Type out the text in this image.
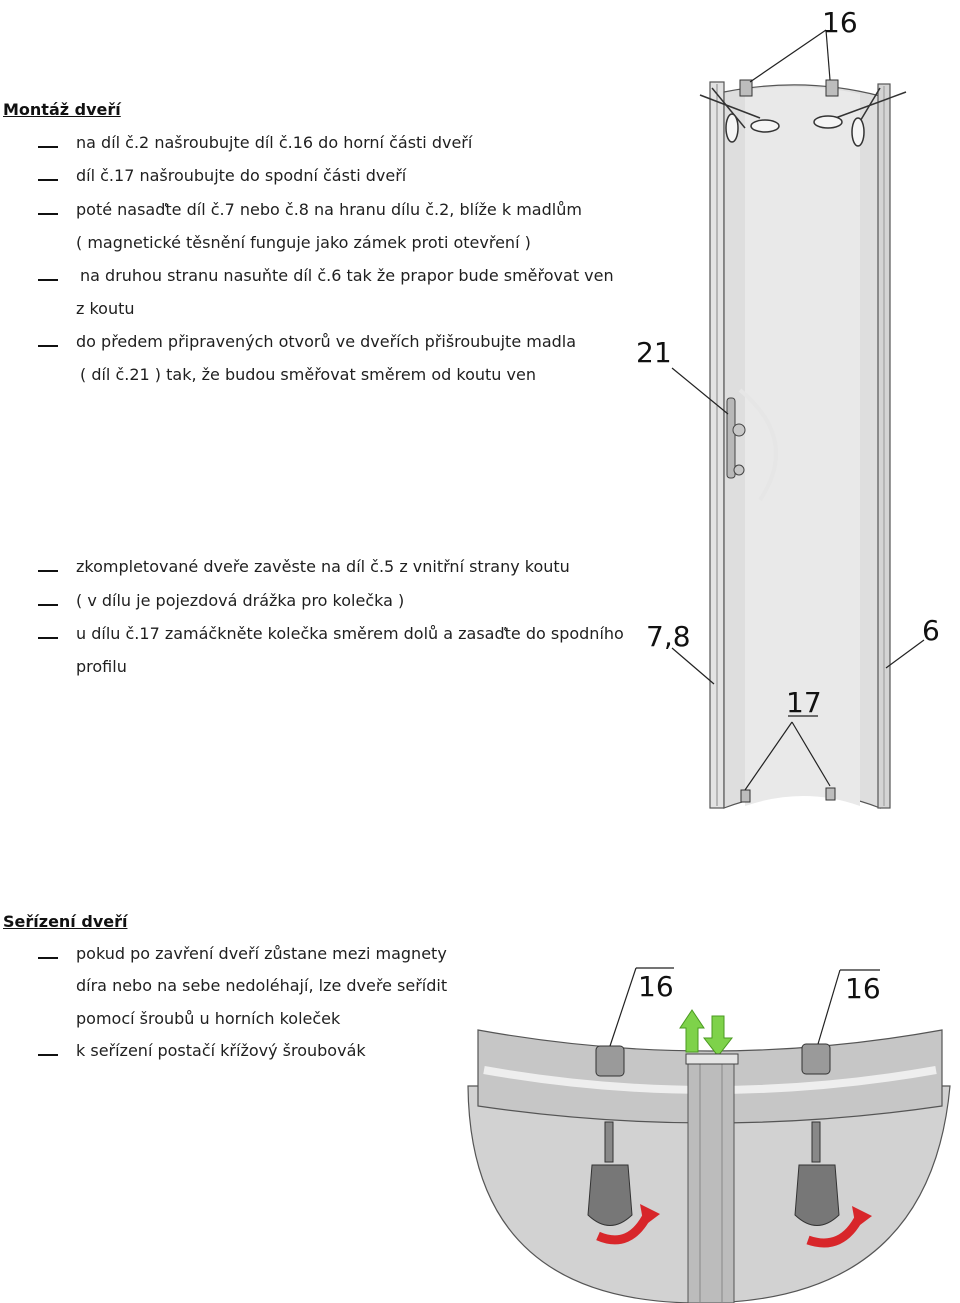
Montáž dveří
na díl č.2 našroubujte díl č.16 do horní části dveří
díl č.17 našroubujte do spodní části dveří
poté nasaďte díl č.7 nebo č.8 na hranu dílu č.2, blíže k madlům
( magnetické těsnění funguje jako zámek proti otevření )
na druhou stranu nasuňte díl č.6 tak že prapor bude směřovat ven
z koutu
do předem připravených otvorů ve dveřích přišroubujte madla
( díl č.21 ) tak, že budou směřovat směrem od koutu ven
zkompletované dveře zavěste na díl č.5 z vnitřní strany koutu
( v dílu je pojezdová drážka pro kolečka )
u dílu č.17 zamáčkněte kolečka směrem dolů a zasaďte do spodního
profilu
Seřízení dveří
pokud po zavření dveří zůstane mezi magnety
díra nebo na sebe nedoléhají, lze dveře seřídit
pomocí šroubů u horních koleček
k seřízení postačí křížový šroubovák
16
21
7,8	6
17
16	16
